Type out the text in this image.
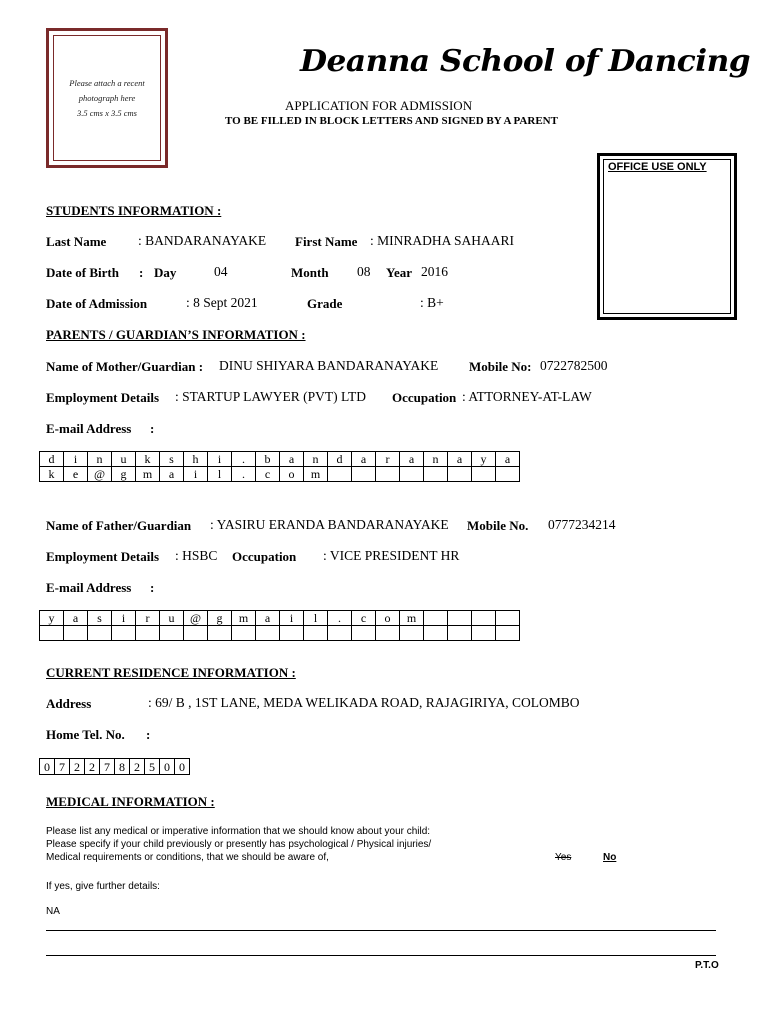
Please attach a recent
photograph here
3.5 cms x 3.5 cms
Deanna School of Dancing
APPLICATION FOR ADMISSION
TO BE FILLED IN BLOCK LETTERS AND SIGNED BY A PARENT
OFFICE USE ONLY
STUDENTS INFORMATION :
Last Name : BANDARANAYAKE First Name : MINRADHA SAHAARI
Date of Birth : Day	04	Month 08 Year 2016
Date of Admission	: 8 Sept 2021	Grade	: B+
PARENTS / GUARDIAN’S INFORMATION :
Name of Mother/Guardian : DINU SHIYARA BANDARANAYAKE Mobile No: 0722782500
Employment Details : STARTUP LAWYER (PVT) LTD Occupation : ATTORNEY-AT-LAW
E-mail Address :
d	i	n	u	k	s	h	i	.	b	a	n	d	a	r	a	n	a	y	a
k	e	@	g	m	a	i	l	.	c	o	m								
Name of Father/Guardian : YASIRU ERANDA BANDARANAYAKE Mobile No. 0777234214
Employment Details : HSBC Occupation : VICE PRESIDENT HR
E-mail Address :
y	a	s	i	r	u	@	g	m	a	i	l	.	c	o	m				

CURRENT RESIDENCE INFORMATION :
Address	: 69/ B , 1ST LANE, MEDA WELIKADA ROAD, RAJAGIRIYA, COLOMBO
Home Tel. No. :
0	7	2	2	7	8	2	5	0	0
MEDICAL INFORMATION :
Please list any medical or imperative information that we should know about your child:
Please specify if your child previously or presently has psychological / Physical injuries/
Medical requirements or conditions, that we should be aware of,	Yes	No
If yes, give further details:
NA
P.T.O
